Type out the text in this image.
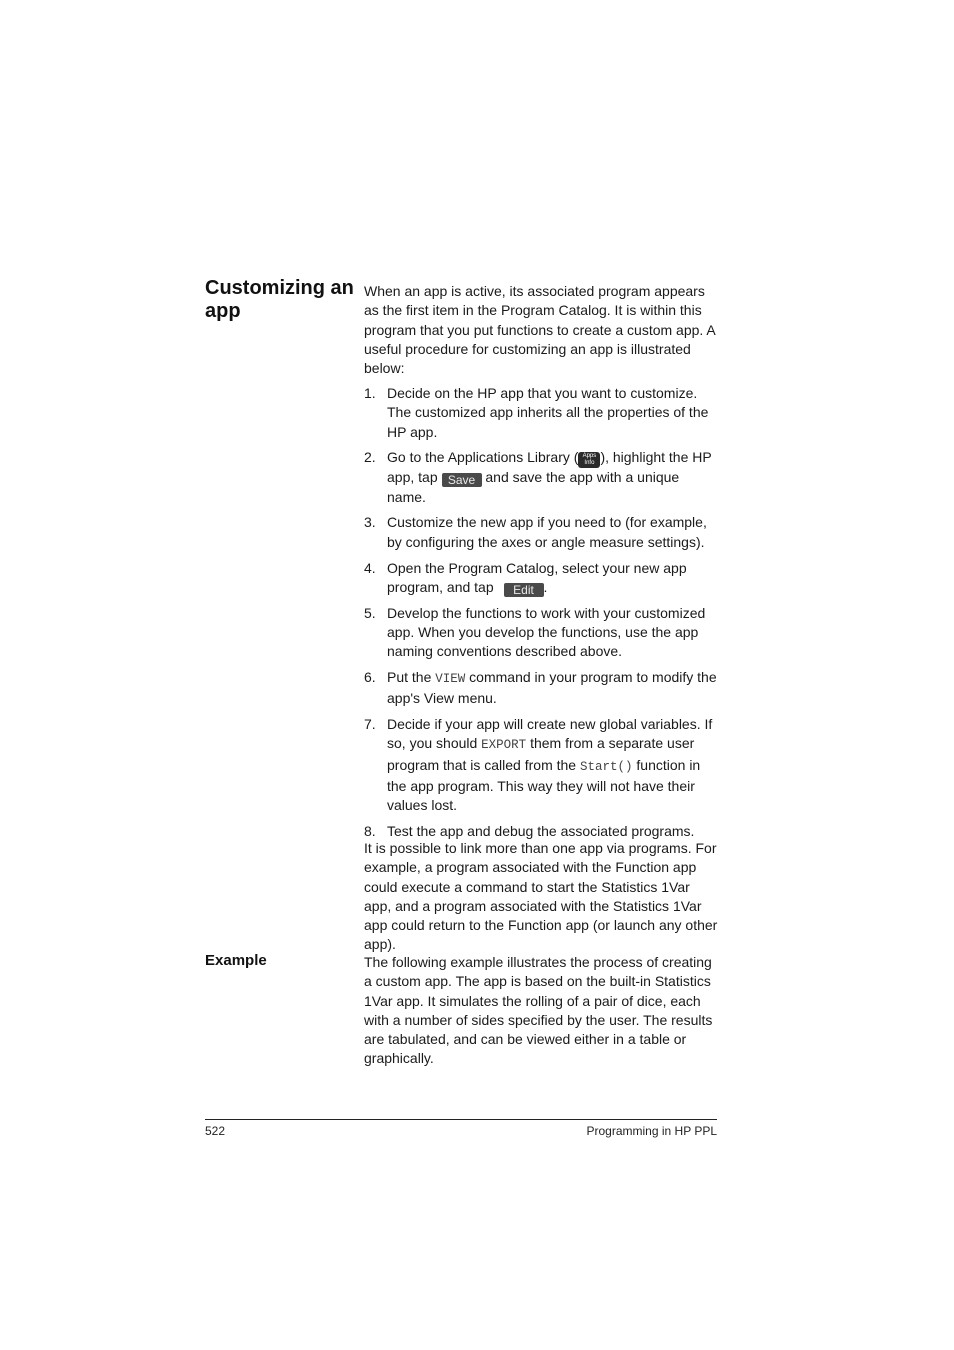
Customizing an app

When an app is active, its associated program appears as the first item in the Program Catalog. It is within this program that you put functions to create a custom app. A useful procedure for customizing an app is illustrated below:

1. Decide on the HP app that you want to customize. The customized app inherits all the properties of the HP app.
2. Go to the Applications Library ( Apps
Info ), highlight the HP app, tap Save and save the app with a unique name.
3. Customize the new app if you need to (for example, by configuring the axes or angle measure settings).
4. Open the Program Catalog, select your new app program, and tap Edit .
5. Develop the functions to work with your customized app. When you develop the functions, use the app naming conventions described above.
6. Put the VIEW command in your program to modify the app's View menu.
7. Decide if your app will create new global variables. If so, you should EXPORT them from a separate user program that is called from the Start() function in the app program. This way they will not have their values lost.
8. Test the app and debug the associated programs.

It is possible to link more than one app via programs. For example, a program associated with the Function app could execute a command to start the Statistics 1Var app, and a program associated with the Statistics 1Var app could return to the Function app (or launch any other app).

Example	The following example illustrates the process of creating a custom app. The app is based on the built-in Statistics 1Var app. It simulates the rolling of a pair of dice, each with a number of sides specified by the user. The results are tabulated, and can be viewed either in a table or graphically.

522	Programming in HP PPL
